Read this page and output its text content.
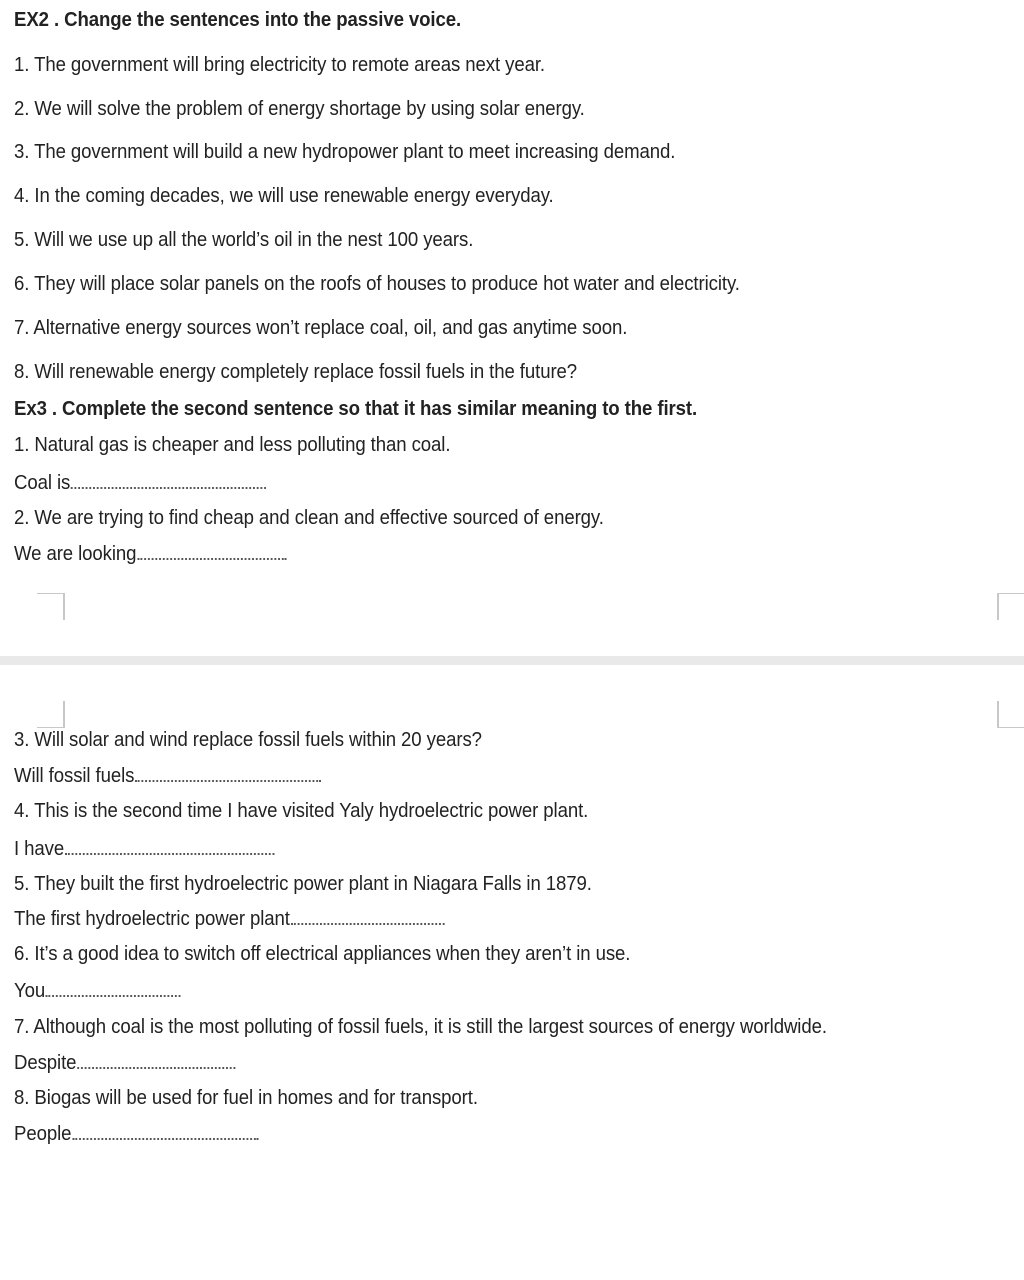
EX2 . Change the sentences into the passive voice.
1. The government will bring electricity to remote areas next year.
2. We will solve the problem of energy shortage by using solar energy.
3. The government will build a new hydropower plant to meet increasing demand.
4. In the coming decades, we will use renewable energy everyday.
5. Will we use up all the world’s oil in the nest 100 years.
6. They will place solar panels on the roofs of houses to produce hot water and electricity.
7. Alternative energy sources won’t replace coal, oil, and gas anytime soon.
8. Will renewable energy completely replace fossil fuels in the future?
Ex3 . Complete the second sentence so that it has similar meaning to the first.
1. Natural gas is cheaper and less polluting than coal.
Coal is
2. We are trying to find cheap and clean and effective sourced of energy.
We are looking
3. Will solar and wind replace fossil fuels within 20 years?
Will fossil fuels
4. This is the second time I have visited Yaly hydroelectric power plant.
I have
5. They built the first hydroelectric power plant in Niagara Falls in 1879.
The first hydroelectric power plant
6. It’s a good idea to switch off electrical appliances when they aren’t in use.
You
7. Although coal is the most polluting of fossil fuels, it is still the largest sources of energy worldwide.
Despite
8. Biogas will be used for fuel in homes and for transport.
People
